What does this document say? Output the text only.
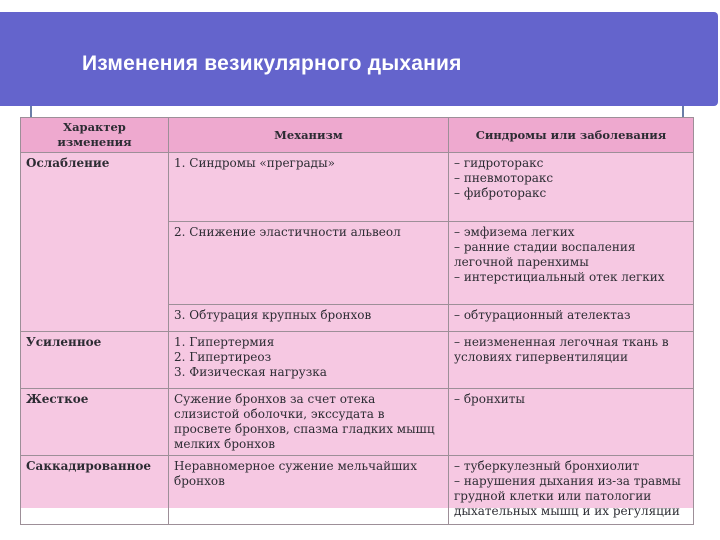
Изменения везикулярного дыхания
Характер изменения	Механизм	Синдромы или заболевания
Ослабление	1. Синдромы «преграды»	– гидроторакс
– пневмоторакс
– фиброторакс
	2. Снижение эластичности альвеол	– эмфизема легких
– ранние стадии воспаления легочной паренхимы
– интерстициальный отек легких
	3. Обтурация крупных бронхов	– обтурационный ателектаз
Усиленное	1. Гипертермия
2. Гипертиреоз
3. Физическая нагрузка	– неизмененная легочная ткань в условиях гипервентиляции
Жесткое	Сужение бронхов за счет отека слизистой оболочки, экссудата в просвете бронхов, спазма гладких мышц мелких бронхов	– бронхиты
Саккадированное	Неравномерное сужение мельчайших бронхов	– туберкулезный бронхиолит
– нарушения дыхания из-за травмы грудной клетки или патологии дыхательных мышц и их регуляции
